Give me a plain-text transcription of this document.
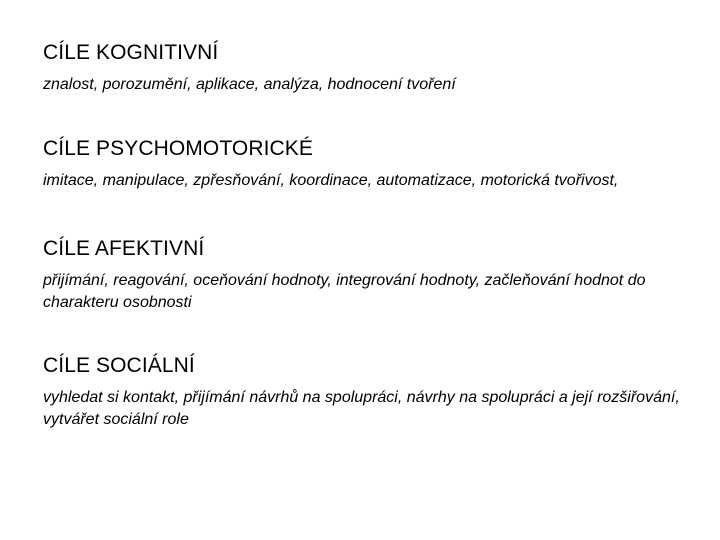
CÍLE KOGNITIVNÍ

znalost, porozumění, aplikace, analýza, hodnocení tvoření

CÍLE PSYCHOMOTORICKÉ

imitace, manipulace, zpřesňování, koordinace, automatizace, motorická tvořivost,

CÍLE AFEKTIVNÍ

přijímání, reagování, oceňování hodnoty, integrování hodnoty, začleňování hodnot do charakteru osobnosti

CÍLE SOCIÁLNÍ

vyhledat si kontakt, přijímání návrhů na spolupráci, návrhy na spolupráci a její rozšiřování, vytvářet sociální role
